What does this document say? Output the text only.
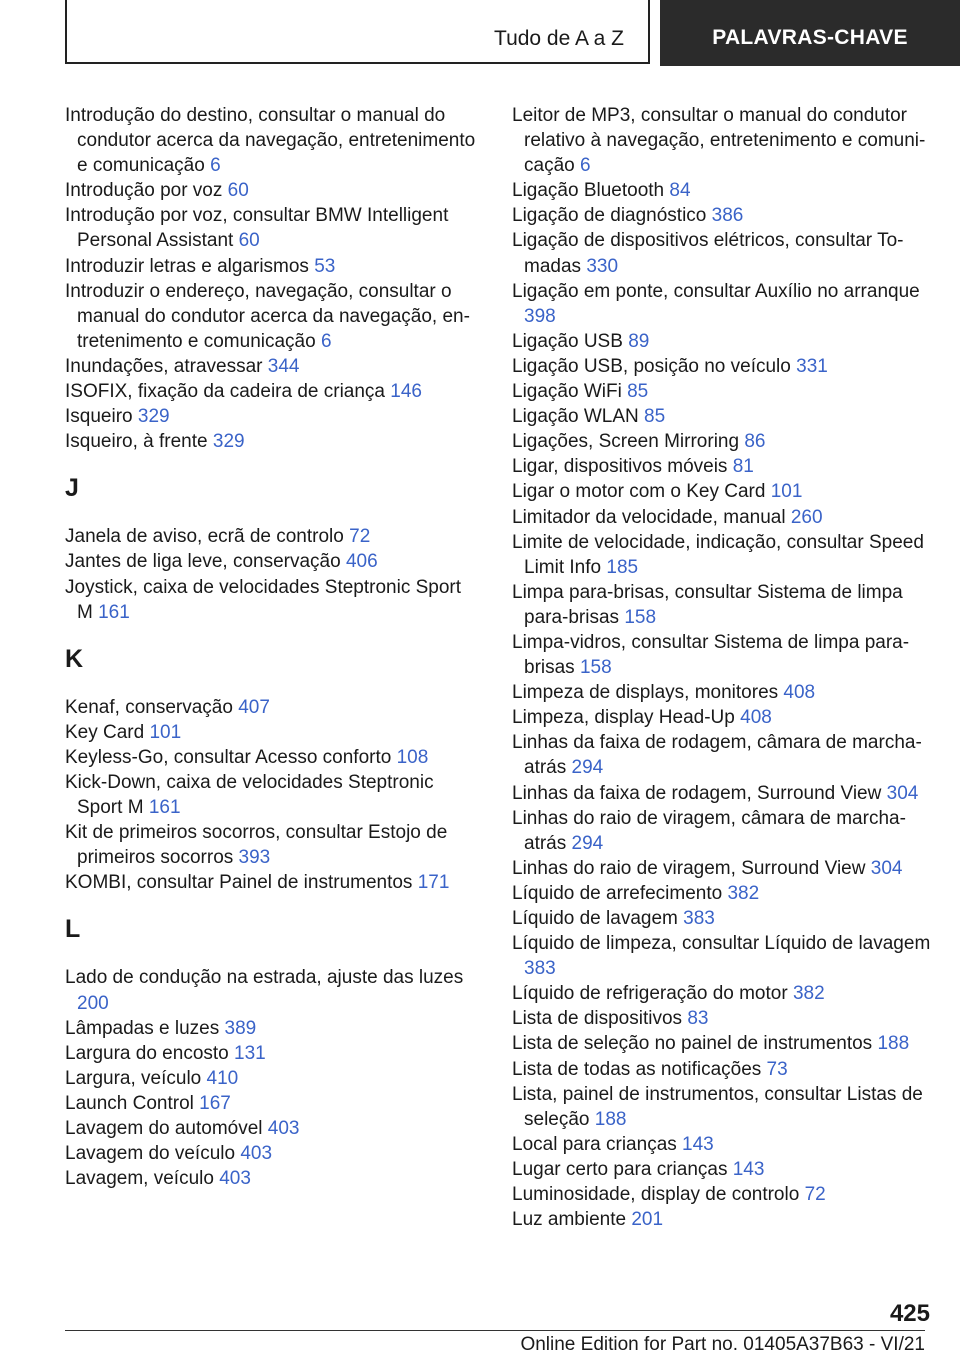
Tudo de A a Z	PALAVRAS-CHAVE
Introdução do destino, consultar o manual do condutor acerca da navegação, entretenimento e comunicação 6
Introdução por voz 60
Introdução por voz, consultar BMW Intelligent Personal Assistant 60
Introduzir letras e algarismos 53
Introduzir o endereço, navegação, consultar o manual do condutor acerca da navegação, entretenimento e comunicação 6
Inundações, atravessar 344
ISOFIX, fixação da cadeira de criança 146
Isqueiro 329
Isqueiro, à frente 329
J
Janela de aviso, ecrã de controlo 72
Jantes de liga leve, conservação 406
Joystick, caixa de velocidades Steptronic Sport M 161
K
Kenaf, conservação 407
Key Card 101
Keyless-Go, consultar Acesso conforto 108
Kick-Down, caixa de velocidades Steptronic Sport M 161
Kit de primeiros socorros, consultar Estojo de primeiros socorros 393
KOMBI, consultar Painel de instrumentos 171
L
Lado de condução na estrada, ajuste das luzes 200
Lâmpadas e luzes 389
Largura do encosto 131
Largura, veículo 410
Launch Control 167
Lavagem do automóvel 403
Lavagem do veículo 403
Lavagem, veículo 403
Leitor de MP3, consultar o manual do condutor relativo à navegação, entretenimento e comunicação 6
Ligação Bluetooth 84
Ligação de diagnóstico 386
Ligação de dispositivos elétricos, consultar Tomadas 330
Ligação em ponte, consultar Auxílio no arranque 398
Ligação USB 89
Ligação USB, posição no veículo 331
Ligação WiFi 85
Ligação WLAN 85
Ligações, Screen Mirroring 86
Ligar, dispositivos móveis 81
Ligar o motor com o Key Card 101
Limitador da velocidade, manual 260
Limite de velocidade, indicação, consultar Speed Limit Info 185
Limpa para-brisas, consultar Sistema de limpa para-brisas 158
Limpa-vidros, consultar Sistema de limpa para-brisas 158
Limpeza de displays, monitores 408
Limpeza, display Head-Up 408
Linhas da faixa de rodagem, câmara de marcha-atrás 294
Linhas da faixa de rodagem, Surround View 304
Linhas do raio de viragem, câmara de marcha-atrás 294
Linhas do raio de viragem, Surround View 304
Líquido de arrefecimento 382
Líquido de lavagem 383
Líquido de limpeza, consultar Líquido de lavagem 383
Líquido de refrigeração do motor 382
Lista de dispositivos 83
Lista de seleção no painel de instrumentos 188
Lista de todas as notificações 73
Lista, painel de instrumentos, consultar Listas de seleção 188
Local para crianças 143
Lugar certo para crianças 143
Luminosidade, display de controlo 72
Luz ambiente 201
425
Online Edition for Part no. 01405A37B63 - VI/21
